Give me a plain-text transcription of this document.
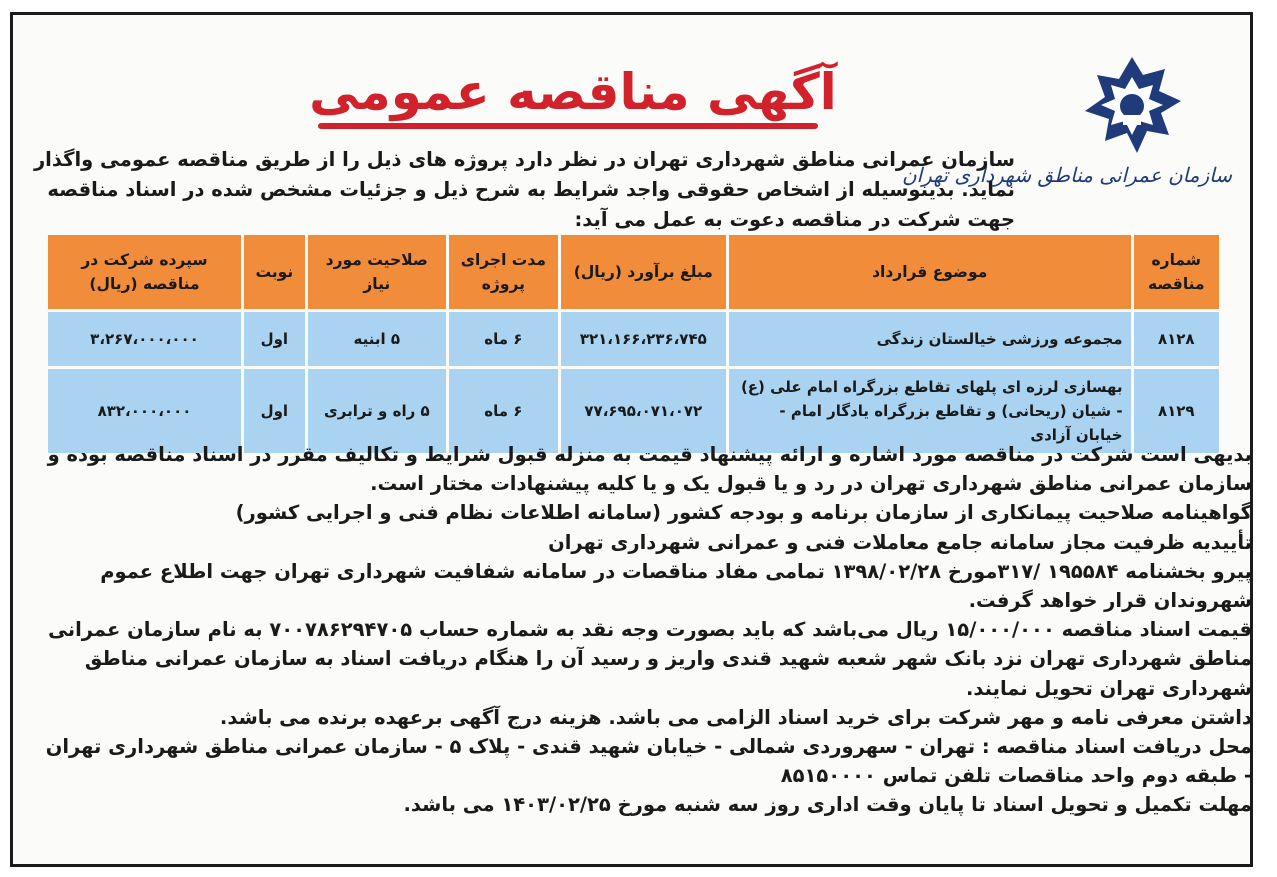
سازمان عمرانی مناطق شهرداری تهران
آگهی مناقصه عمومی
سازمان عمرانی مناطق شهرداری تهران در نظر دارد پروژه های ذیل را از طریق مناقصه عمومی واگذار نماید. بدینوسیله از اشخاص حقوقی واجد شرایط به شرح ذیل و جزئیات مشخص شده در اسناد مناقصه جهت شرکت در مناقصه دعوت به عمل می آید:
شماره مناقصه	موضوع قرارداد	مبلغ برآورد (ریال)	مدت اجرای پروژه	صلاحیت مورد نیاز	نوبت	سپرده شرکت در مناقصه (ریال)
۸۱۲۸	مجموعه ورزشی خیالستان زندگی	۳۲۱،۱۶۶،۲۳۶،۷۴۵	۶ ماه	۵ ابنیه	اول	۳،۲۶۷،۰۰۰،۰۰۰
۸۱۲۹	بهسازی لرزه ای پلهای تقاطع بزرگراه امام علی (ع) - شیان (ریحانی) و تقاطع بزرگراه یادگار امام - خیابان آزادی	۷۷،۶۹۵،۰۷۱،۰۷۲	۶ ماه	۵ راه و ترابری	اول	۸۳۲،۰۰۰،۰۰۰

بدیهی است شرکت در مناقصه مورد اشاره و ارائه پیشنهاد قیمت به منزله قبول شرایط و تکالیف مقرر در اسناد مناقصه بوده و سازمان عمرانی مناطق شهرداری تهران در رد و یا قبول یک و یا کلیه پیشنهادات مختار است.

گواهینامه صلاحیت پیمانکاری از سازمان برنامه و بودجه کشور (سامانه اطلاعات نظام فنی و اجرایی کشور)

تأییدیه ظرفیت مجاز سامانه جامع معاملات فنی و عمرانی شهرداری تهران

پیرو بخشنامه ۱۹۵۵۸۴ /۳۱۷مورخ ۱۳۹۸/۰۲/۲۸ تمامی مفاد مناقصات در سامانه شفافیت شهرداری تهران جهت اطلاع عموم شهروندان قرار خواهد گرفت.

قیمت اسناد مناقصه ۱۵/۰۰۰/۰۰۰ ریال می‌باشد که باید بصورت وجه نقد به شماره حساب ۷۰۰۷۸۶۲۹۴۷۰۵ به نام سازمان عمرانی مناطق شهرداری تهران نزد بانک شهر شعبه شهید قندی واریز و رسید آن را هنگام دریافت اسناد به سازمان عمرانی مناطق شهرداری تهران تحویل نمایند.

داشتن معرفی نامه و مهر شرکت برای خرید اسناد الزامی می باشد. هزینه درج آگهی برعهده برنده می باشد.

محل دریافت اسناد مناقصه : تهران - سهروردی شمالی - خیابان شهید قندی - پلاک ۵ - سازمان عمرانی مناطق شهرداری تهران - طبقه دوم واحد مناقصات تلفن تماس ۸۵۱۵۰۰۰۰

مهلت تکمیل و تحویل اسناد تا پایان وقت اداری روز سه شنبه مورخ ۱۴۰۳/۰۲/۲۵ می باشد.
